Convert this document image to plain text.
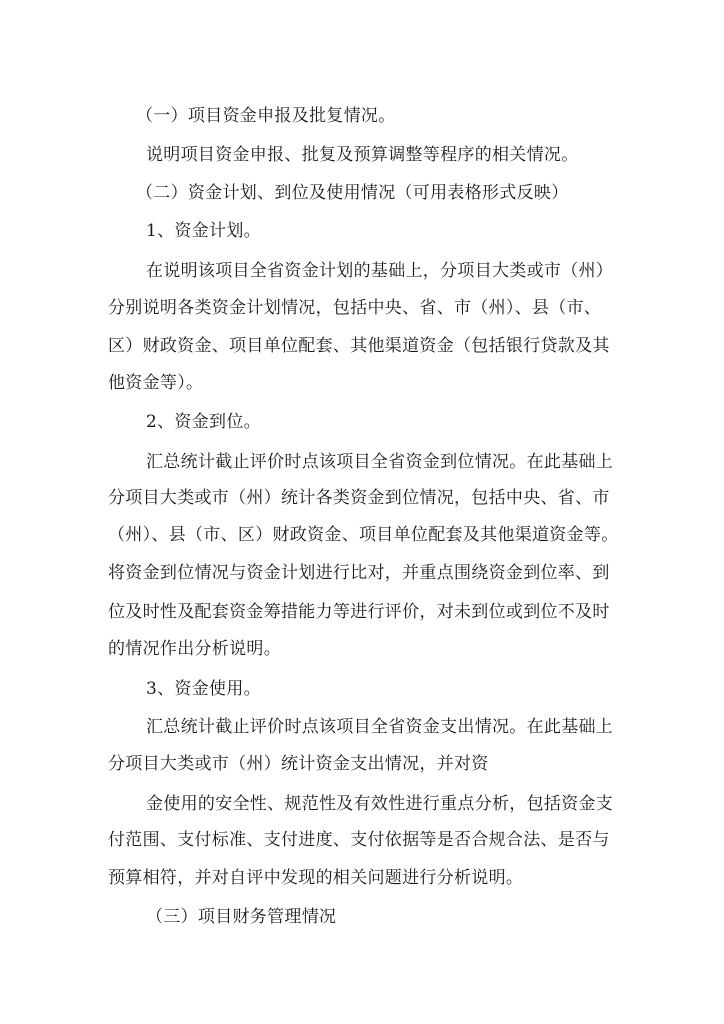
（一）项目资金申报及批复情况。
说明项目资金申报、批复及预算调整等程序的相关情况。
（二）资金计划、到位及使用情况（可用表格形式反映）
1、资金计划。
在说明该项目全省资金计划的基础上，分项目大类或市（州）
分别说明各类资金计划情况，包括中央、省、市（州）、县（市、
区）财政资金、项目单位配套、其他渠道资金（包括银行贷款及其
他资金等）。
2、资金到位。
汇总统计截止评价时点该项目全省资金到位情况。在此基础上
分项目大类或市（州）统计各类资金到位情况，包括中央、省、市
（州）、县（市、区）财政资金、项目单位配套及其他渠道资金等。
将资金到位情况与资金计划进行比对，并重点围绕资金到位率、到
位及时性及配套资金筹措能力等进行评价，对未到位或到位不及时
的情况作出分析说明。
3、资金使用。
汇总统计截止评价时点该项目全省资金支出情况。在此基础上
分项目大类或市（州）统计资金支出情况，并对资
金使用的安全性、规范性及有效性进行重点分析，包括资金支
付范围、支付标准、支付进度、支付依据等是否合规合法、是否与
预算相符，并对自评中发现的相关问题进行分析说明。
（三）项目财务管理情况
